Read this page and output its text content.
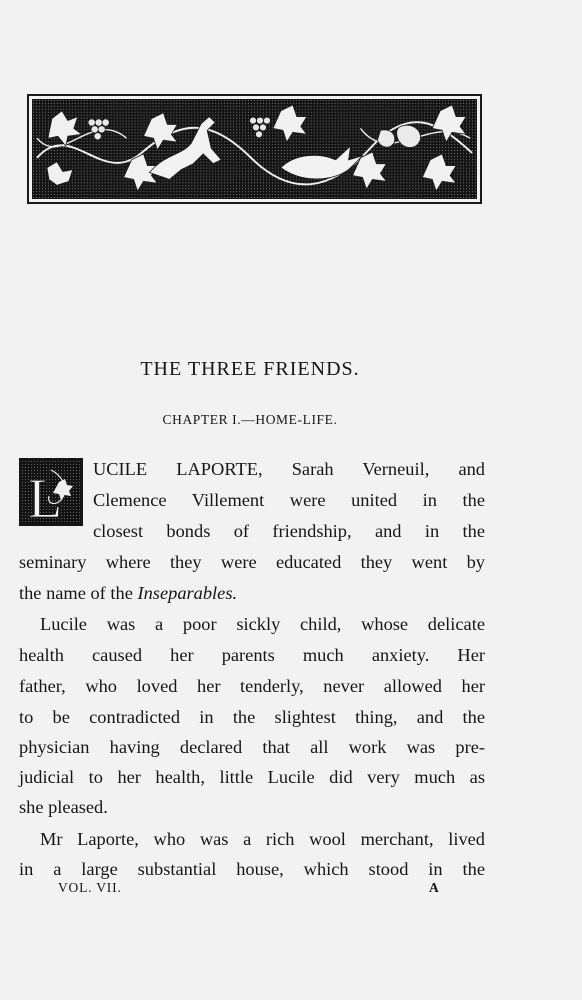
THE THREE FRIENDS.
CHAPTER I.—HOME-LIFE.
L UCILE LAPORTE, Sarah Verneuil, and
Clemence Villement were united in the
closest bonds of friendship, and in the
seminary where they were educated they went by
the name of the Inseparables.
Lucile was a poor sickly child, whose delicate
health caused her parents much anxiety. Her
father, who loved her tenderly, never allowed her
to be contradicted in the slightest thing, and the
physician having declared that all work was pre-
judicial to her health, little Lucile did very much as
she pleased.
Mr Laporte, who was a rich wool merchant, lived
in a large substantial house, which stood in the
VOL. VII.	A
